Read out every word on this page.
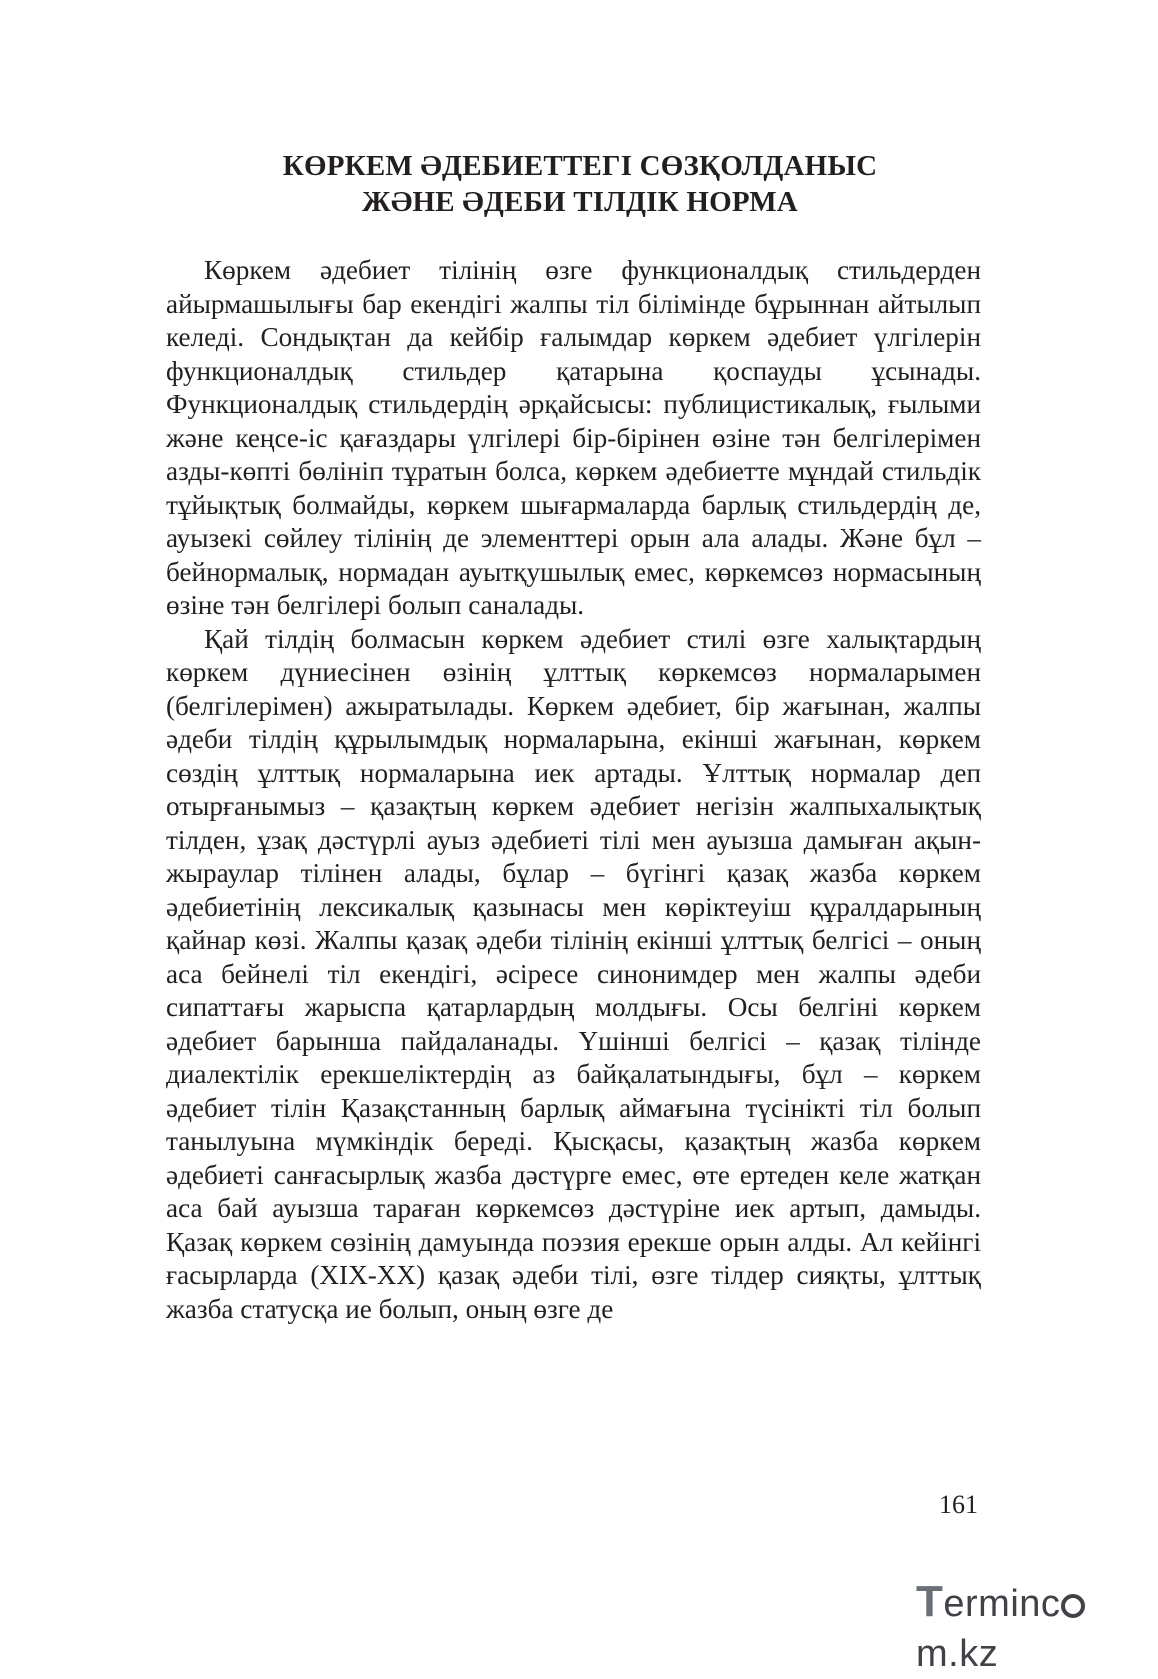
КӨРКЕМ ӘДЕБИЕТТЕГІ СӨЗҚОЛДАНЫС
ЖӘНЕ ӘДЕБИ ТІЛДІК НОРМА

Көркем әдебиет тілінің өзге функционалдық стильдерден айырмашылығы бар екендігі жалпы тіл білімінде бұрыннан айтылып келеді. Сондықтан да кейбір ғалымдар көркем әдебиет үлгілерін функционалдық стильдер қатарына қоспауды ұсынады. Функционалдық стильдердің әрқайсысы: публицистикалық, ғылыми және кеңсе-іс қағаздары үлгілері бір-бірінен өзіне тән белгілерімен азды-көпті бөлініп тұратын болса, көркем әдебиетте мұндай стильдік тұйықтық болмайды, көркем шығармаларда барлық стильдердің де, ауызекі сөйлеу тілінің де элементтері орын ала алады. Және бұл – бейнормалық, нормадан ауытқушылық емес, көркемсөз нормасының өзіне тән белгілері болып саналады.

Қай тілдің болмасын көркем әдебиет стилі өзге халықтардың көркем дүниесінен өзінің ұлттық көркемсөз нормаларымен (белгілерімен) ажыратылады. Көркем әдебиет, бір жағынан, жалпы әдеби тілдің құрылымдық нормаларына, екінші жағынан, көркем сөздің ұлттық нормаларына иек артады. Ұлттық нормалар деп отырғанымыз – қазақтың көркем әдебиет негізін жалпыхалықтық тілден, ұзақ дәстүрлі ауыз әдебиеті тілі мен ауызша дамыған ақын- жыраулар тілінен алады, бұлар – бүгінгі қазақ жазба көркем әдебиетінің лексикалық қазынасы мен көріктеуіш құралдарының қайнар көзі. Жалпы қазақ әдеби тілінің екінші ұлттық белгісі – оның аса бейнелі тіл екендігі, әсіресе синонимдер мен жалпы әдеби сипаттағы жарыспа қатарлардың молдығы. Осы белгіні көркем әдебиет барынша пайдаланады. Үшінші белгісі – қазақ тілінде диалектілік ерекшеліктердің аз байқалатындығы, бұл – көркем әдебиет тілін Қазақстанның барлық аймағына түсінікті тіл болып танылуына мүмкіндік береді. Қысқасы, қазақтың жазба көркем әдебиеті санғасырлық жазба дәстүрге емес, өте ертеден келе жатқан аса бай ауызша тараған көркемсөз дәстүріне иек артып, дамыды. Қазақ көркем сөзінің дамуында поэзия ерекше орын алды. Ал кейінгі ғасырларда (XIX-XX) қазақ әдеби тілі, өзге тілдер сияқты, ұлттық жазба статусқа ие болып, оның өзге де

161
Termincm.kz
